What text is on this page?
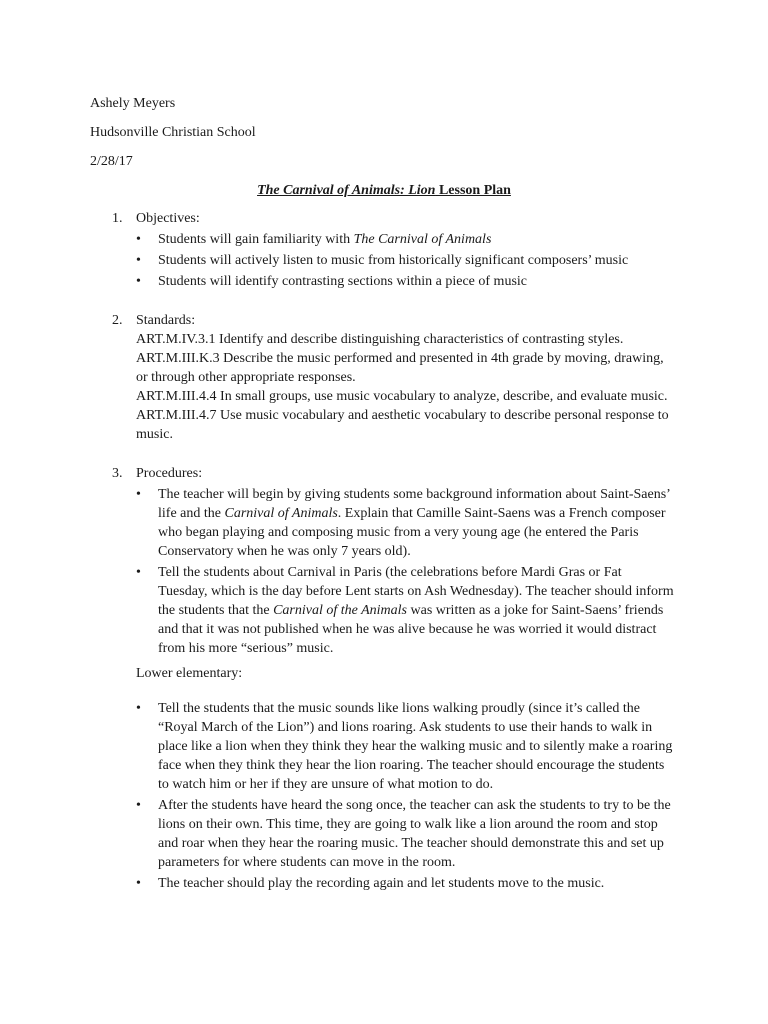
Ashely Meyers
Hudsonville Christian School
2/28/17
The Carnival of Animals: Lion Lesson Plan
1. Objectives:
• Students will gain familiarity with The Carnival of Animals
• Students will actively listen to music from historically significant composers’ music
• Students will identify contrasting sections within a piece of music
2. Standards:
ART.M.IV.3.1 Identify and describe distinguishing characteristics of contrasting styles.
ART.M.III.K.3 Describe the music performed and presented in 4th grade by moving, drawing, or through other appropriate responses.
ART.M.III.4.4 In small groups, use music vocabulary to analyze, describe, and evaluate music.
ART.M.III.4.7 Use music vocabulary and aesthetic vocabulary to describe personal response to music.
3. Procedures:
• The teacher will begin by giving students some background information about Saint-Saens’ life and the Carnival of Animals. Explain that Camille Saint-Saens was a French composer who began playing and composing music from a very young age (he entered the Paris Conservatory when he was only 7 years old).
• Tell the students about Carnival in Paris (the celebrations before Mardi Gras or Fat Tuesday, which is the day before Lent starts on Ash Wednesday). The teacher should inform the students that the Carnival of the Animals was written as a joke for Saint-Saens’ friends and that it was not published when he was alive because he was worried it would distract from his more “serious” music.
Lower elementary:
• Tell the students that the music sounds like lions walking proudly (since it’s called the “Royal March of the Lion”) and lions roaring. Ask students to use their hands to walk in place like a lion when they think they hear the walking music and to silently make a roaring face when they think they hear the lion roaring. The teacher should encourage the students to watch him or her if they are unsure of what motion to do.
• After the students have heard the song once, the teacher can ask the students to try to be the lions on their own. This time, they are going to walk like a lion around the room and stop and roar when they hear the roaring music. The teacher should demonstrate this and set up parameters for where students can move in the room.
• The teacher should play the recording again and let students move to the music.
